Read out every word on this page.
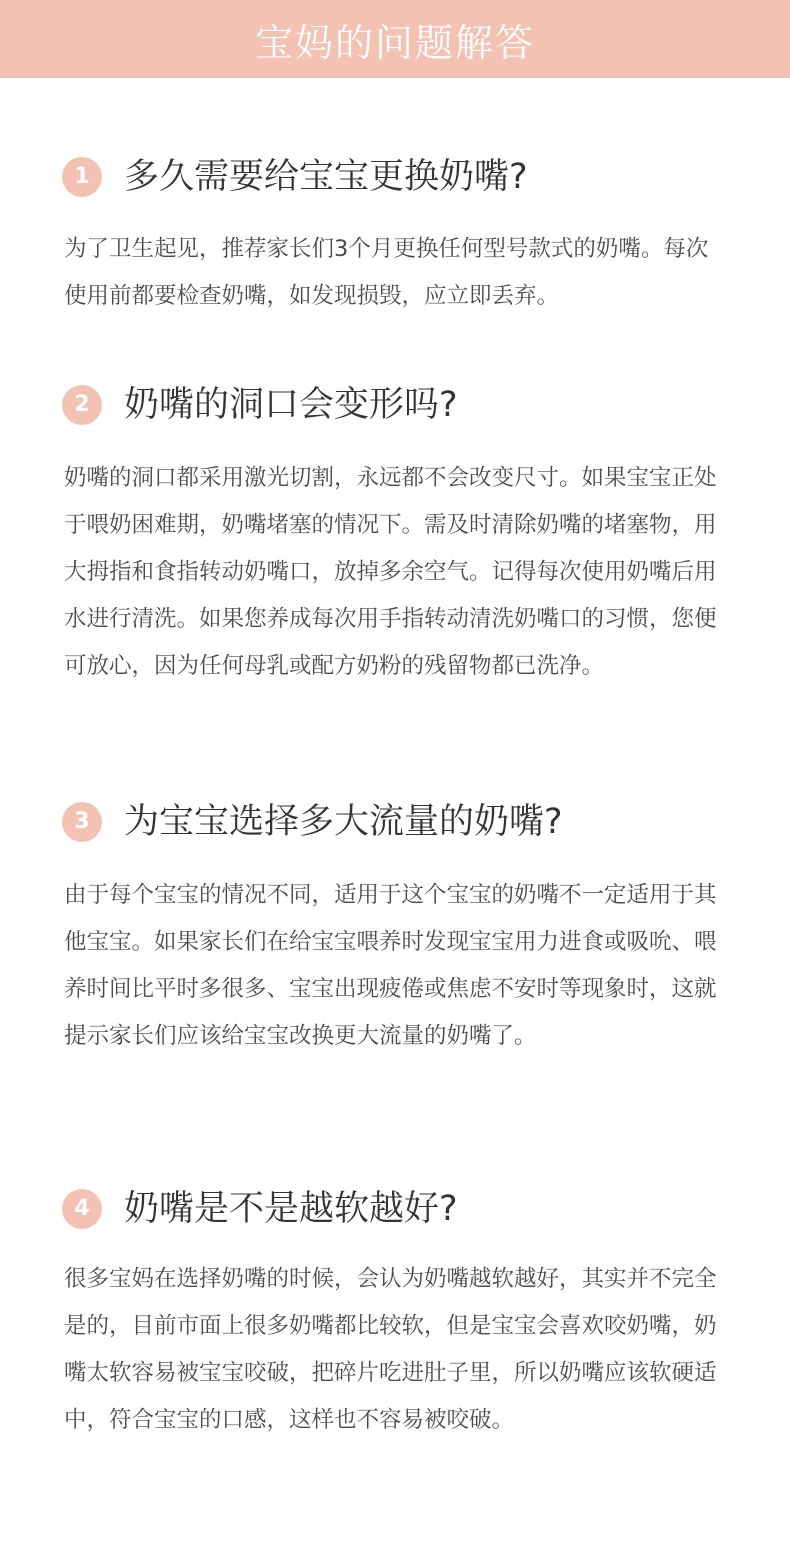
宝妈的问题解答
1 多久需要给宝宝更换奶嘴?

为了卫生起见，推荐家长们3个月更换任何型号款式的奶嘴。每次使用前都要检查奶嘴，如发现损毁，应立即丢弃。

2 奶嘴的洞口会变形吗?

奶嘴的洞口都采用激光切割，永远都不会改变尺寸。如果宝宝正处于喂奶困难期，奶嘴堵塞的情况下。需及时清除奶嘴的堵塞物，用大拇指和食指转动奶嘴口，放掉多余空气。记得每次使用奶嘴后用水进行清洗。如果您养成每次用手指转动清洗奶嘴口的习惯，您便可放心，因为任何母乳或配方奶粉的残留物都已洗净。

3 为宝宝选择多大流量的奶嘴?

由于每个宝宝的情况不同，适用于这个宝宝的奶嘴不一定适用于其他宝宝。如果家长们在给宝宝喂养时发现宝宝用力进食或吸吮、喂养时间比平时多很多、宝宝出现疲倦或焦虑不安时等现象时，这就提示家长们应该给宝宝改换更大流量的奶嘴了。

4 奶嘴是不是越软越好?

很多宝妈在选择奶嘴的时候，会认为奶嘴越软越好，其实并不完全是的，目前市面上很多奶嘴都比较软，但是宝宝会喜欢咬奶嘴，奶嘴太软容易被宝宝咬破，把碎片吃进肚子里，所以奶嘴应该软硬适中，符合宝宝的口感，这样也不容易被咬破。
